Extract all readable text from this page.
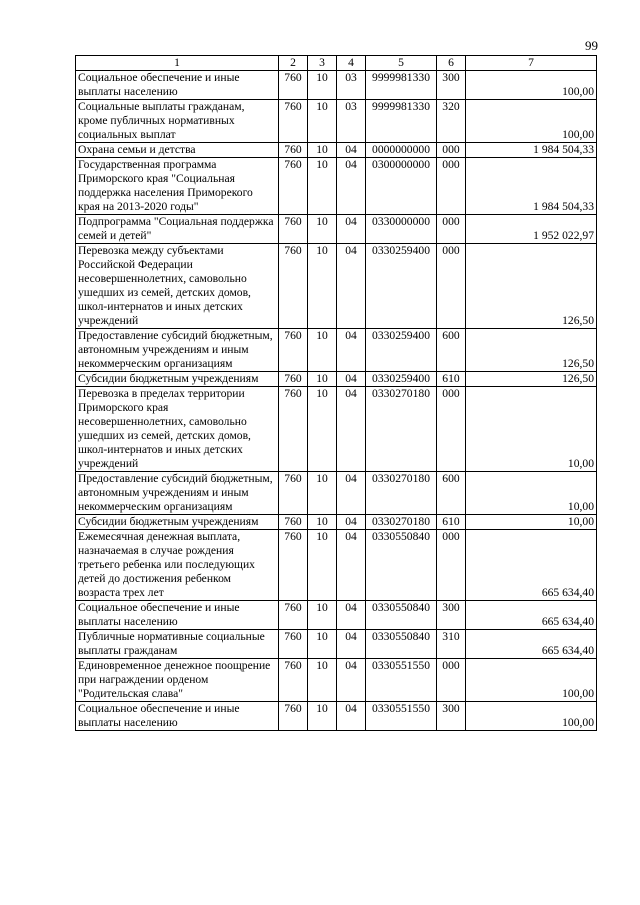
99
1	2	3	4	5	6	7
Социальное обеспечение и иные выплаты населению	760	10	03	9999981330	300	100,00
Социальные выплаты гражданам, кроме публичных нормативных социальных выплат	760	10	03	9999981330	320	100,00
Охрана семьи и детства	760	10	04	0000000000	000	1 984 504,33
Государственная программа Приморского края "Социальная поддержка населения Приморекого края на 2013-2020 годы"	760	10	04	0300000000	000	1 984 504,33
Подпрограмма "Социальная поддержка семей и детей"	760	10	04	0330000000	000	1 952 022,97
Перевозка между субъектами Российской Федерации несовершеннолетних, самовольно ушедших из семей, детских домов, школ-интернатов и иных детских учреждений	760	10	04	0330259400	000	126,50
Предоставление субсидий бюджетным, автономным учреждениям и иным некоммерческим организациям	760	10	04	0330259400	600	126,50
Субсидии бюджетным учреждениям	760	10	04	0330259400	610	126,50
Перевозка в пределах территории Приморского края несовершеннолетних, самовольно ушедших из семей, детских домов, школ-интернатов и иных детских учреждений	760	10	04	0330270180	000	10,00
Предоставление субсидий бюджетным, автономным учреждениям и иным некоммерческим организациям	760	10	04	0330270180	600	10,00
Субсидии бюджетным учреждениям	760	10	04	0330270180	610	10,00
Ежемесячная денежная выплата, назначаемая в случае рождения третьего ребенка или последующих детей до достижения ребенком возраста трех лет	760	10	04	0330550840	000	665 634,40
Социальное обеспечение и иные выплаты населению	760	10	04	0330550840	300	665 634,40
Публичные нормативные социальные выплаты гражданам	760	10	04	0330550840	310	665 634,40
Единовременное денежное поощрение при награждении орденом "Родительская слава"	760	10	04	0330551550	000	100,00
Социальное обеспечение и иные выплаты населению	760	10	04	0330551550	300	100,00
